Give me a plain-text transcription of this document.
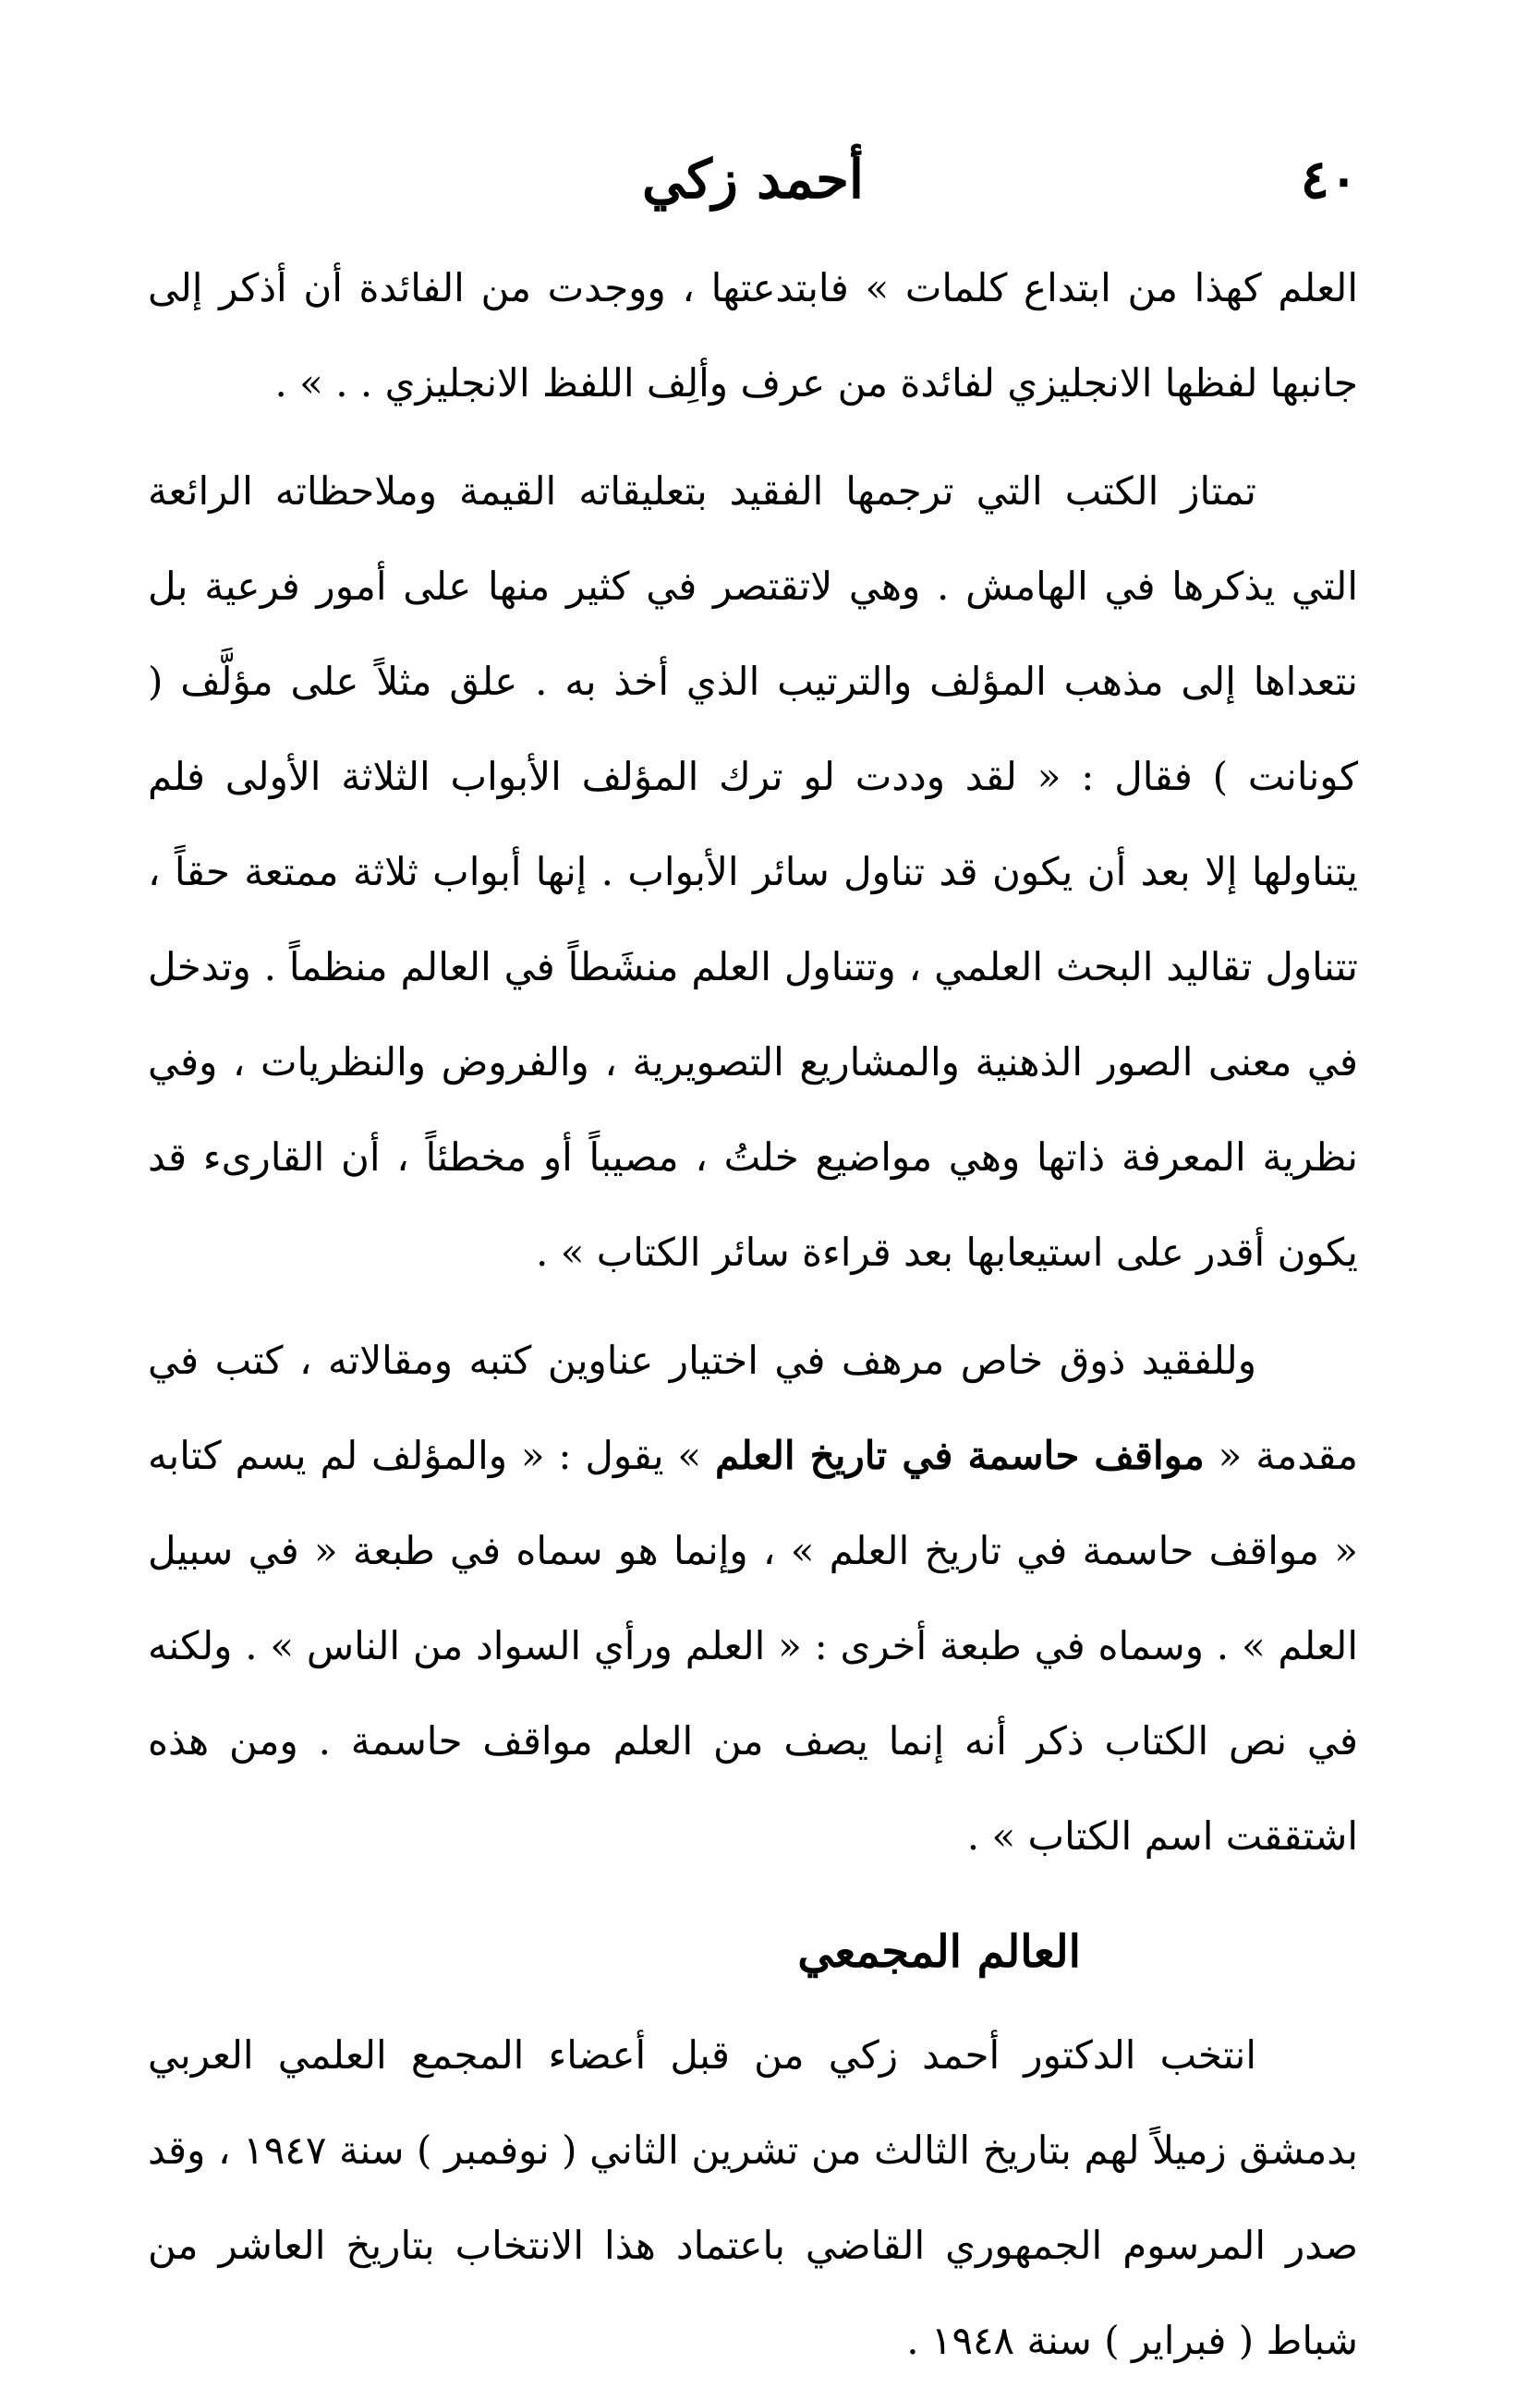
٤٠
أحمد زكي

العلم كهذا من ابتداع كلمات » فابتدعتها ، ووجدت من الفائدة أن أذكر إلى جانبها لفظها الانجليزي لفائدة من عرف وألِف اللفظ الانجليزي . . » .

تمتاز الكتب التي ترجمها الفقيد بتعليقاته القيمة وملاحظاته الرائعة التي يذكرها في الهامش . وهي لاتقتصر في كثير منها على أمور فرعية بل نتعداها إلى مذهب المؤلف والترتيب الذي أخذ به . علق مثلاً على مؤلَّف ( كونانت ) فقال : « لقد وددت لو ترك المؤلف الأبواب الثلاثة الأولى فلم يتناولها إلا بعد أن يكون قد تناول سائر الأبواب . إنها أبواب ثلاثة ممتعة حقاً ، تتناول تقاليد البحث العلمي ، وتتناول العلم منشَطاً في العالم منظماً . وتدخل في معنى الصور الذهنية والمشاريع التصويرية ، والفروض والنظريات ، وفي نظرية المعرفة ذاتها وهي مواضيع خلتُ ، مصيباً أو مخطئاً ، أن القارىء قد يكون أقدر على استيعابها بعد قراءة سائر الكتاب » .

وللفقيد ذوق خاص مرهف في اختيار عناوين كتبه ومقالاته ، كتب في مقدمة « مواقف حاسمة في تاريخ العلم » يقول : « والمؤلف لم يسم كتابه « مواقف حاسمة في تاريخ العلم » ، وإنما هو سماه في طبعة « في سبيل العلم » . وسماه في طبعة أخرى : « العلم ورأي السواد من الناس » . ولكنه في نص الكتاب ذكر أنه إنما يصف من العلم مواقف حاسمة . ومن هذه اشتققت اسم الكتاب » .

العالم المجمعي

انتخب الدكتور أحمد زكي من قبل أعضاء المجمع العلمي العربي بدمشق زميلاً لهم بتاريخ الثالث من تشرين الثاني ( نوفمبر ) سنة ١٩٤٧ ، وقد صدر المرسوم الجمهوري القاضي باعتماد هذا الانتخاب بتاريخ العاشر من شباط ( فبراير ) سنة ١٩٤٨ .
